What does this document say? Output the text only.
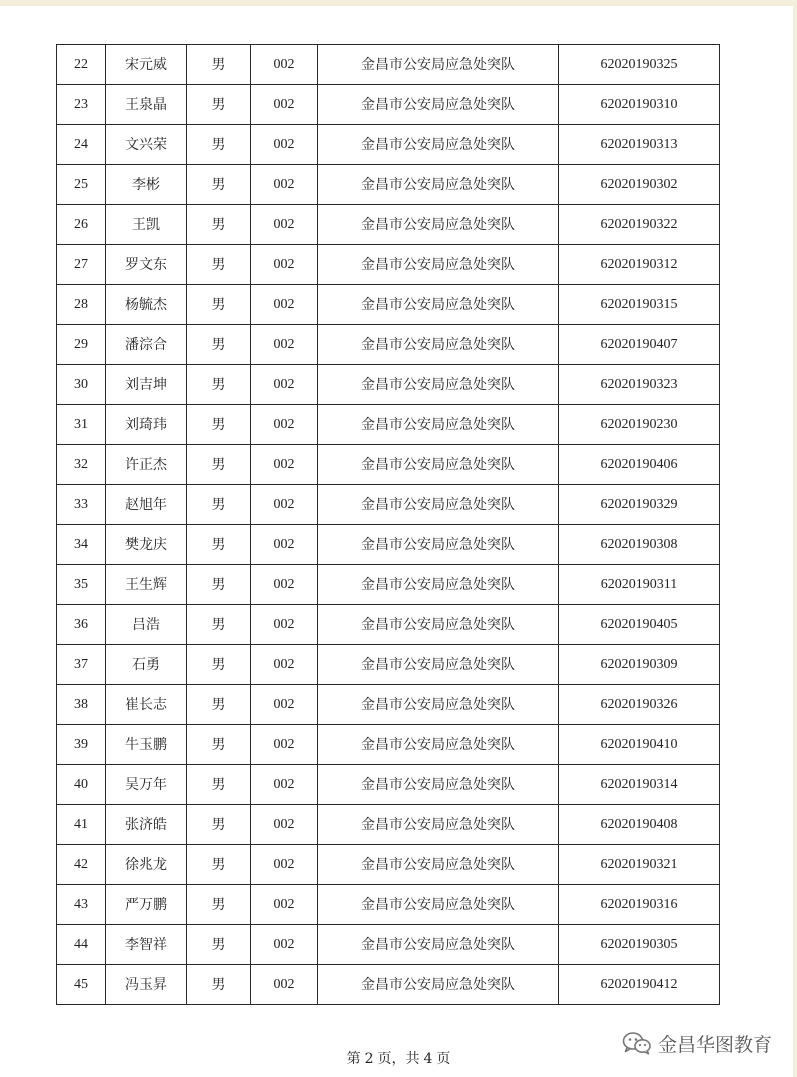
22	宋元威	男	002	金昌市公安局应急处突队	62020190325
23	王泉晶	男	002	金昌市公安局应急处突队	62020190310
24	文兴荣	男	002	金昌市公安局应急处突队	62020190313
25	李彬	男	002	金昌市公安局应急处突队	62020190302
26	王凯	男	002	金昌市公安局应急处突队	62020190322
27	罗文东	男	002	金昌市公安局应急处突队	62020190312
28	杨毓杰	男	002	金昌市公安局应急处突队	62020190315
29	潘淙合	男	002	金昌市公安局应急处突队	62020190407
30	刘吉坤	男	002	金昌市公安局应急处突队	62020190323
31	刘琦玮	男	002	金昌市公安局应急处突队	62020190230
32	许正杰	男	002	金昌市公安局应急处突队	62020190406
33	赵旭年	男	002	金昌市公安局应急处突队	62020190329
34	樊龙庆	男	002	金昌市公安局应急处突队	62020190308
35	王生辉	男	002	金昌市公安局应急处突队	62020190311
36	吕浩	男	002	金昌市公安局应急处突队	62020190405
37	石勇	男	002	金昌市公安局应急处突队	62020190309
38	崔长志	男	002	金昌市公安局应急处突队	62020190326
39	牛玉鹏	男	002	金昌市公安局应急处突队	62020190410
40	吴万年	男	002	金昌市公安局应急处突队	62020190314
41	张济皓	男	002	金昌市公安局应急处突队	62020190408
42	徐兆龙	男	002	金昌市公安局应急处突队	62020190321
43	严万鹏	男	002	金昌市公安局应急处突队	62020190316
44	李智祥	男	002	金昌市公安局应急处突队	62020190305
45	冯玉昇	男	002	金昌市公安局应急处突队	62020190412
第 2 页，共 4 页
金昌华图教育
